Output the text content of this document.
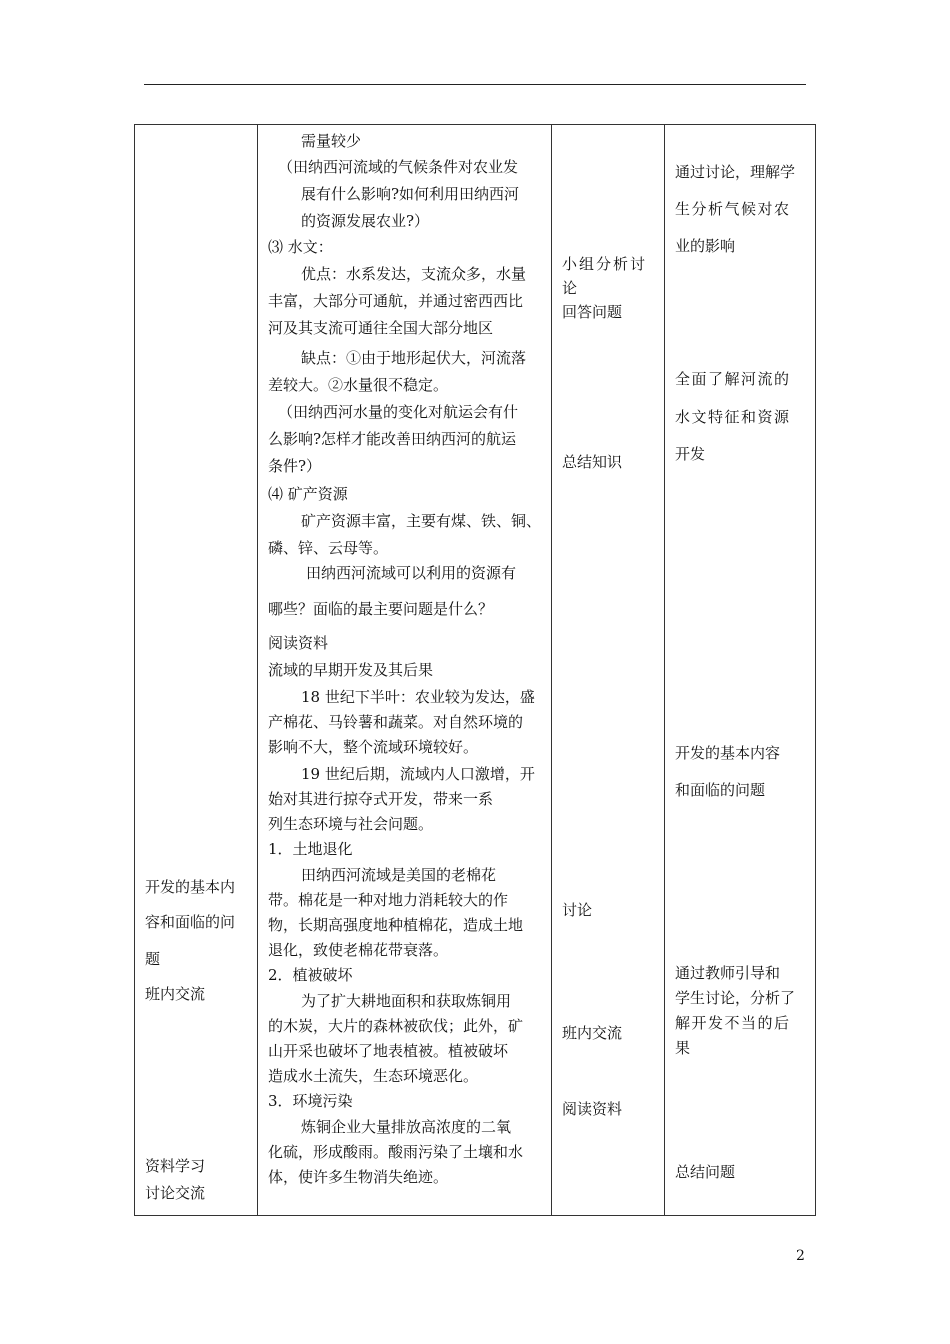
开发的基本内
容和面临的问
题
班内交流
资料学习
讨论交流
需量较少
（田纳西河流域的气候条件对农业发
展有什么影响?如何利用田纳西河
的资源发展农业?）
⑶ 水文：
优点：水系发达，支流众多，水量
丰富，大部分可通航，并通过密西西比
河及其支流可通往全国大部分地区
缺点：①由于地形起伏大，河流落
差较大。②水量很不稳定。
（田纳西河水量的变化对航运会有什
么影响?怎样才能改善田纳西河的航运
条件?）
⑷ 矿产资源
矿产资源丰富，主要有煤、铁、铜、
磷、锌、云母等。
田纳西河流域可以利用的资源有
哪些？面临的最主要问题是什么？
阅读资料
流域的早期开发及其后果
18 世纪下半叶：农业较为发达，盛
产棉花、马铃薯和蔬菜。对自然环境的
影响不大，整个流域环境较好。
19 世纪后期，流域内人口激增，开
始对其进行掠夺式开发，带来一系
列生态环境与社会问题。
1．土地退化
田纳西河流域是美国的老棉花
带。棉花是一种对地力消耗较大的作
物，长期高强度地种植棉花，造成土地
退化，致使老棉花带衰落。
2．植被破坏
为了扩大耕地面积和获取炼铜用
的木炭，大片的森林被砍伐；此外，矿
山开采也破坏了地表植被。植被破坏
造成水土流失，生态环境恶化。
3．环境污染
炼铜企业大量排放高浓度的二氧
化硫，形成酸雨。酸雨污染了土壤和水
体，使许多生物消失绝迹。
小组分析讨
论
回答问题
总结知识
讨论
班内交流
阅读资料
通过讨论，理解学
生分析气候对农
业的影响
全面了解河流的
水文特征和资源
开发
开发的基本内容
和面临的问题
通过教师引导和
学生讨论，分析了
解开发不当的后
果
总结问题
2
